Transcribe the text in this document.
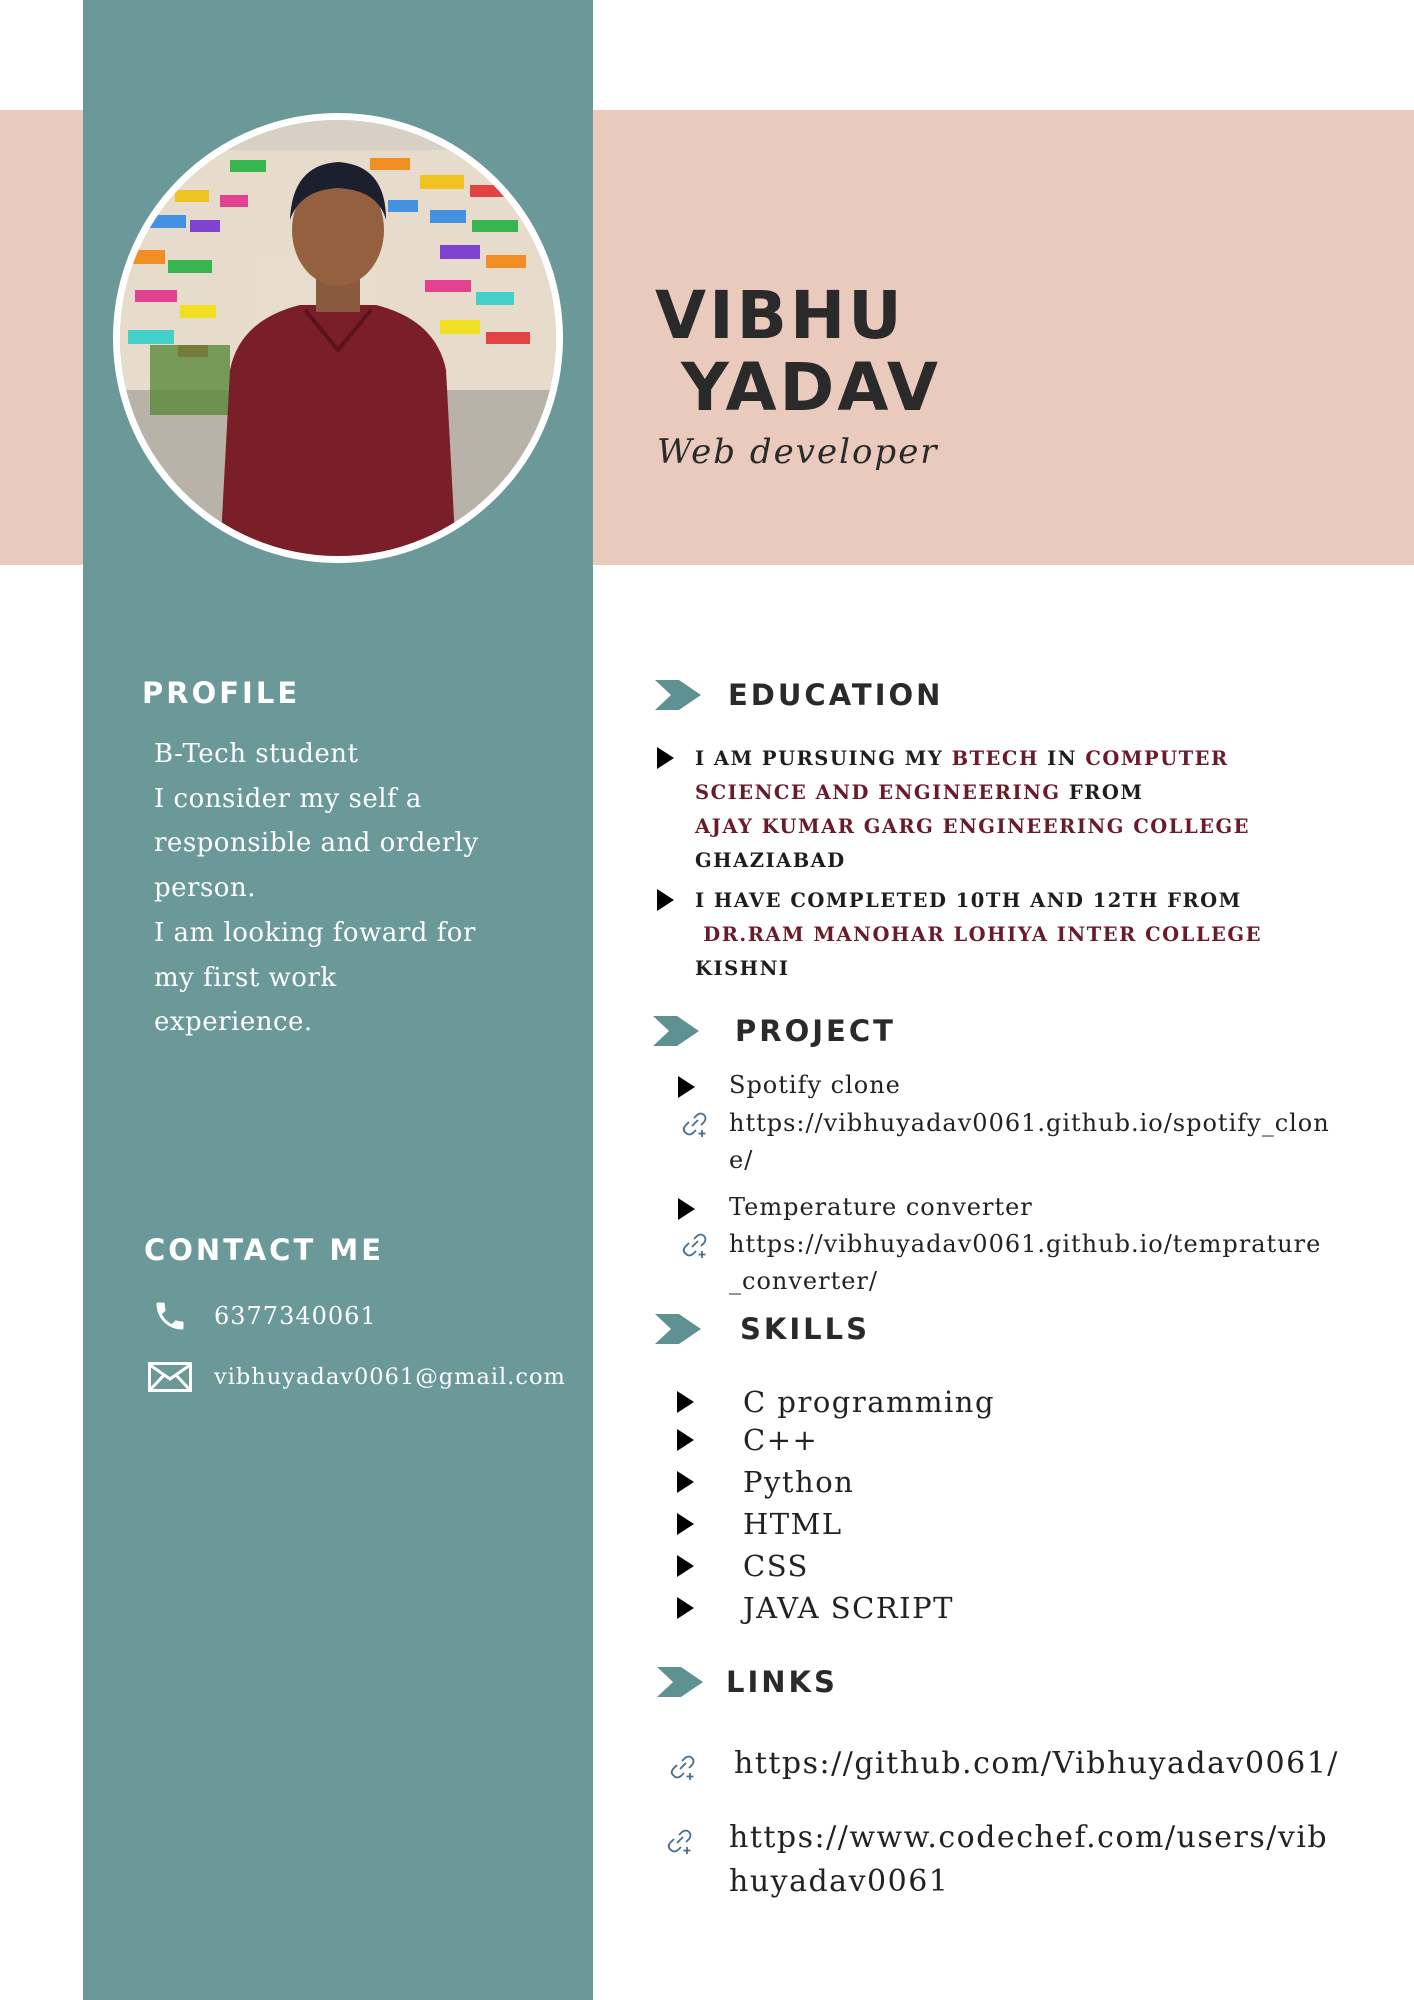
VIBHU
YADAV
Web developer
PROFILE
B-Tech student
I consider my self a
responsible and orderly
person.
I am looking foward for
my first work
experience.
CONTACT ME
6377340061
vibhuyadav0061@gmail.com
EDUCATION
I AM PURSUING MY BTECH IN COMPUTER
SCIENCE AND ENGINEERING FROM
AJAY KUMAR GARG ENGINEERING COLLEGE
GHAZIABAD
I HAVE COMPLETED 10TH AND 12TH FROM
DR.RAM MANOHAR LOHIYA INTER COLLEGE
KISHNI
PROJECT
Spotify clone
https://vibhuyadav0061.github.io/spotify_clon
e/
Temperature converter
https://vibhuyadav0061.github.io/temprature
_converter/
SKILLS
C programming
C++
Python
HTML
CSS
JAVA SCRIPT
LINKS
https://github.com/Vibhuyadav0061/
https://www.codechef.com/users/vib
huyadav0061
